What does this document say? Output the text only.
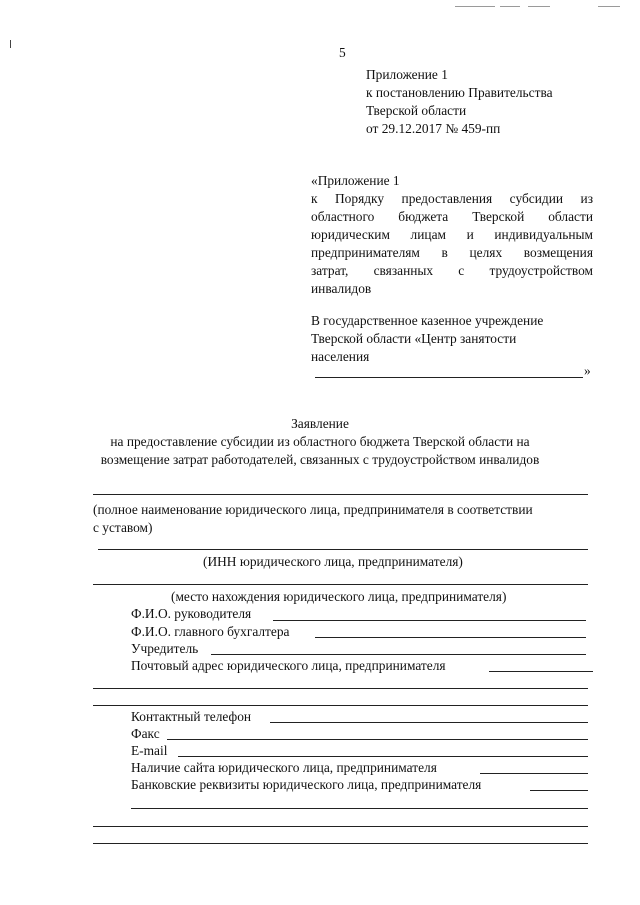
5
Приложение 1
к постановлению Правительства
Тверской области
от 29.12.2017 № 459-пп
«Приложение 1
к Порядку предоставления субсидии из
областного бюджета Тверской области
юридическим лицам и индивидуальным
предпринимателям в целях возмещения
затрат, связанных с трудоустройством
инвалидов
В государственное казенное учреждение
Тверской области «Центр занятости
населения
»
Заявление
на предоставление субсидии из областного бюджета Тверской области на
возмещение затрат работодателей, связанных с трудоустройством инвалидов
(полное наименование юридического лица, предпринимателя в соответствии
с уставом)
(ИНН юридического лица, предпринимателя)
(место нахождения юридического лица, предпринимателя)
Ф.И.О. руководителя
Ф.И.О. главного бухгалтера
Учредитель
Почтовый адрес юридического лица, предпринимателя
Контактный телефон
Факс
E-mail
Наличие сайта юридического лица, предпринимателя
Банковские реквизиты юридического лица, предпринимателя
